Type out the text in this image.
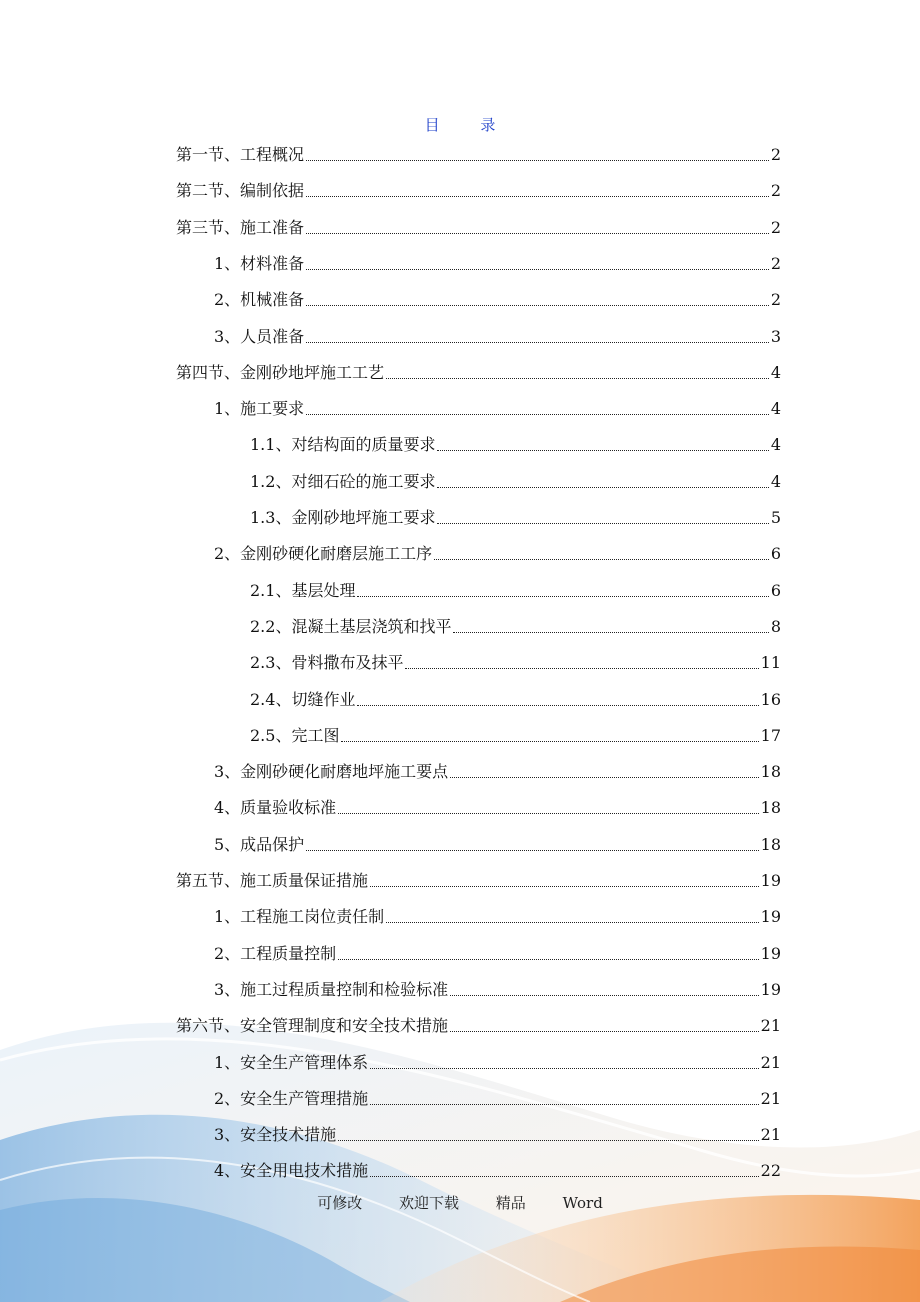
目 录
第一节、工程概况	2
第二节、编制依据	2
第三节、施工准备	2
1、材料准备	2
2、机械准备	2
3、人员准备	3
第四节、金刚砂地坪施工工艺	4
1、施工要求	4
1.1、对结构面的质量要求	4
1.2、对细石砼的施工要求	4
1.3、金刚砂地坪施工要求	5
2、金刚砂硬化耐磨层施工工序	6
2.1、基层处理	6
2.2、混凝土基层浇筑和找平	8
2.3、骨料撒布及抹平	11
2.4、切缝作业	16
2.5、完工图	17
3、金刚砂硬化耐磨地坪施工要点	18
4、质量验收标准	18
5、成品保护	18
第五节、施工质量保证措施	19
1、工程施工岗位责任制	19
2、工程质量控制	19
3、施工过程质量控制和检验标准	19
第六节、安全管理制度和安全技术措施	21
1、安全生产管理体系	21
2、安全生产管理措施	21
3、安全技术措施	21
4、安全用电技术措施	22
可修改 欢迎下载 精品 Word
